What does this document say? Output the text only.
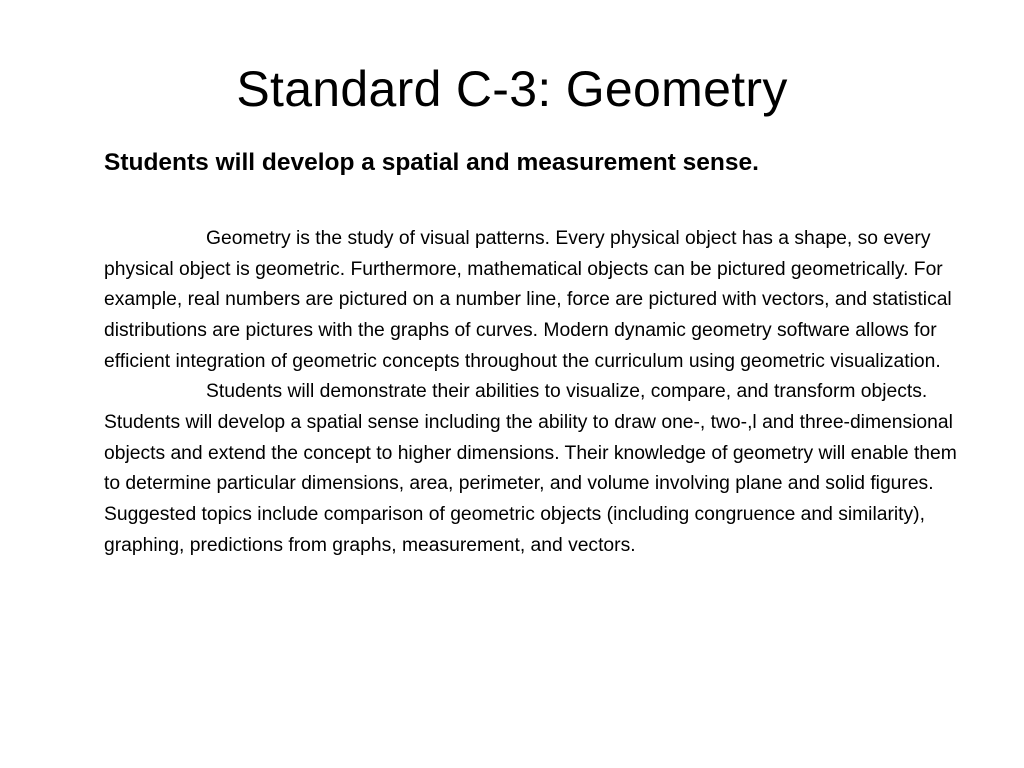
Standard C-3: Geometry

Students will develop a spatial and measurement sense.

Geometry is the study of visual patterns. Every physical object has a shape, so every physical object is geometric. Furthermore, mathematical objects can be pictured geometrically. For example, real numbers are pictured on a number line, force are pictured with vectors, and statistical distributions are pictures with the graphs of curves. Modern dynamic geometry software allows for efficient integration of geometric concepts throughout the curriculum using geometric visualization.

Students will demonstrate their abilities to visualize, compare, and transform objects. Students will develop a spatial sense including the ability to draw one-, two-,l and three-dimensional objects and extend the concept to higher dimensions. Their knowledge of geometry will enable them to determine particular dimensions, area, perimeter, and volume involving plane and solid figures. Suggested topics include comparison of geometric objects (including congruence and similarity), graphing, predictions from graphs, measurement, and vectors.
